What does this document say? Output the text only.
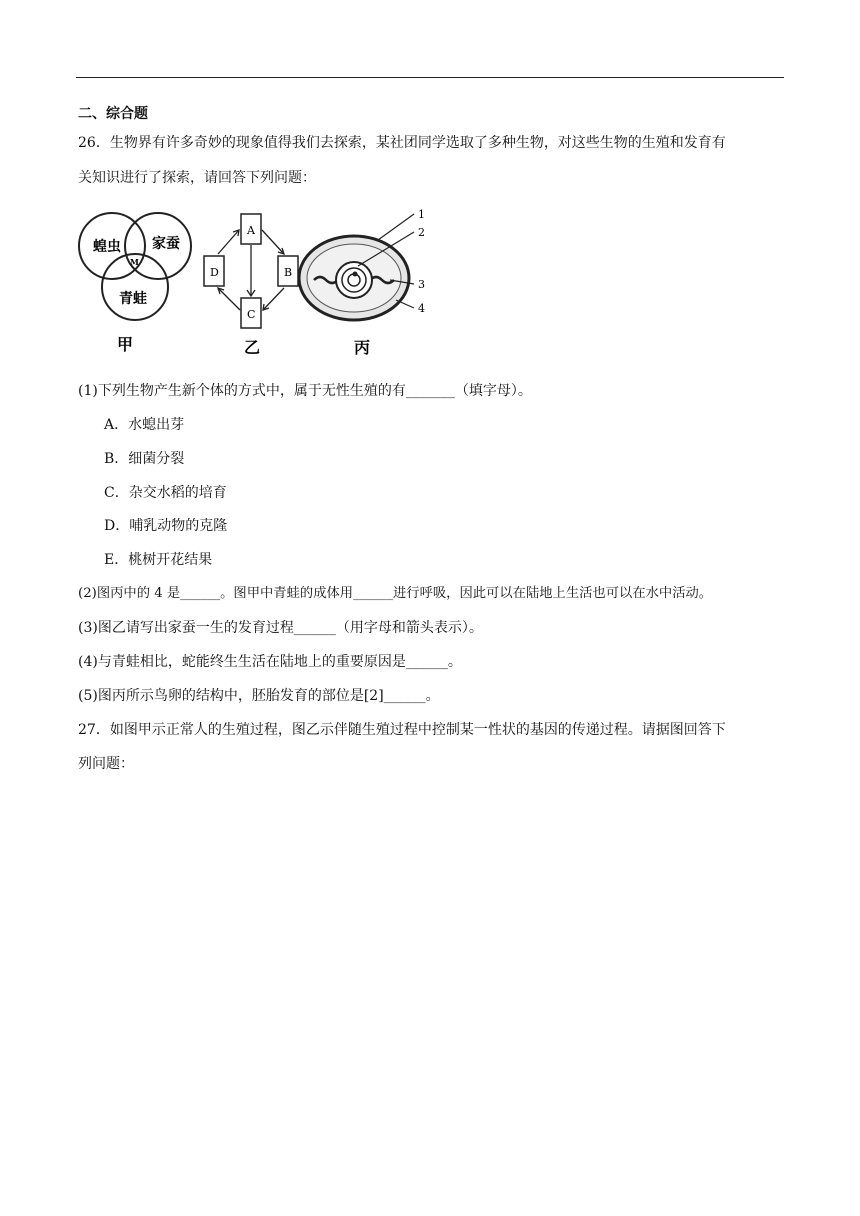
二、综合题
26．生物界有许多奇妙的现象值得我们去探索，某社团同学选取了多种生物，对这些生物的生殖和发育有
关知识进行了探索，请回答下列问题：
蝗虫 家蚕
青蛙
M
甲
A
B
C
D
乙
1
2
3
4
丙
(1)下列生物产生新个体的方式中，属于无性生殖的有_______（填字母）。
A．水螅出芽
B．细菌分裂
C．杂交水稻的培育
D．哺乳动物的克隆
E．桃树开花结果
(2)图丙中的 4 是______。图甲中青蛙的成体用______进行呼吸，因此可以在陆地上生活也可以在水中活动。
(3)图乙请写出家蚕一生的发育过程______（用字母和箭头表示）。
(4)与青蛙相比，蛇能终生生活在陆地上的重要原因是______。
(5)图丙所示鸟卵的结构中，胚胎发育的部位是[2]______。
27．如图甲示正常人的生殖过程，图乙示伴随生殖过程中控制某一性状的基因的传递过程。请据图回答下
列问题：
